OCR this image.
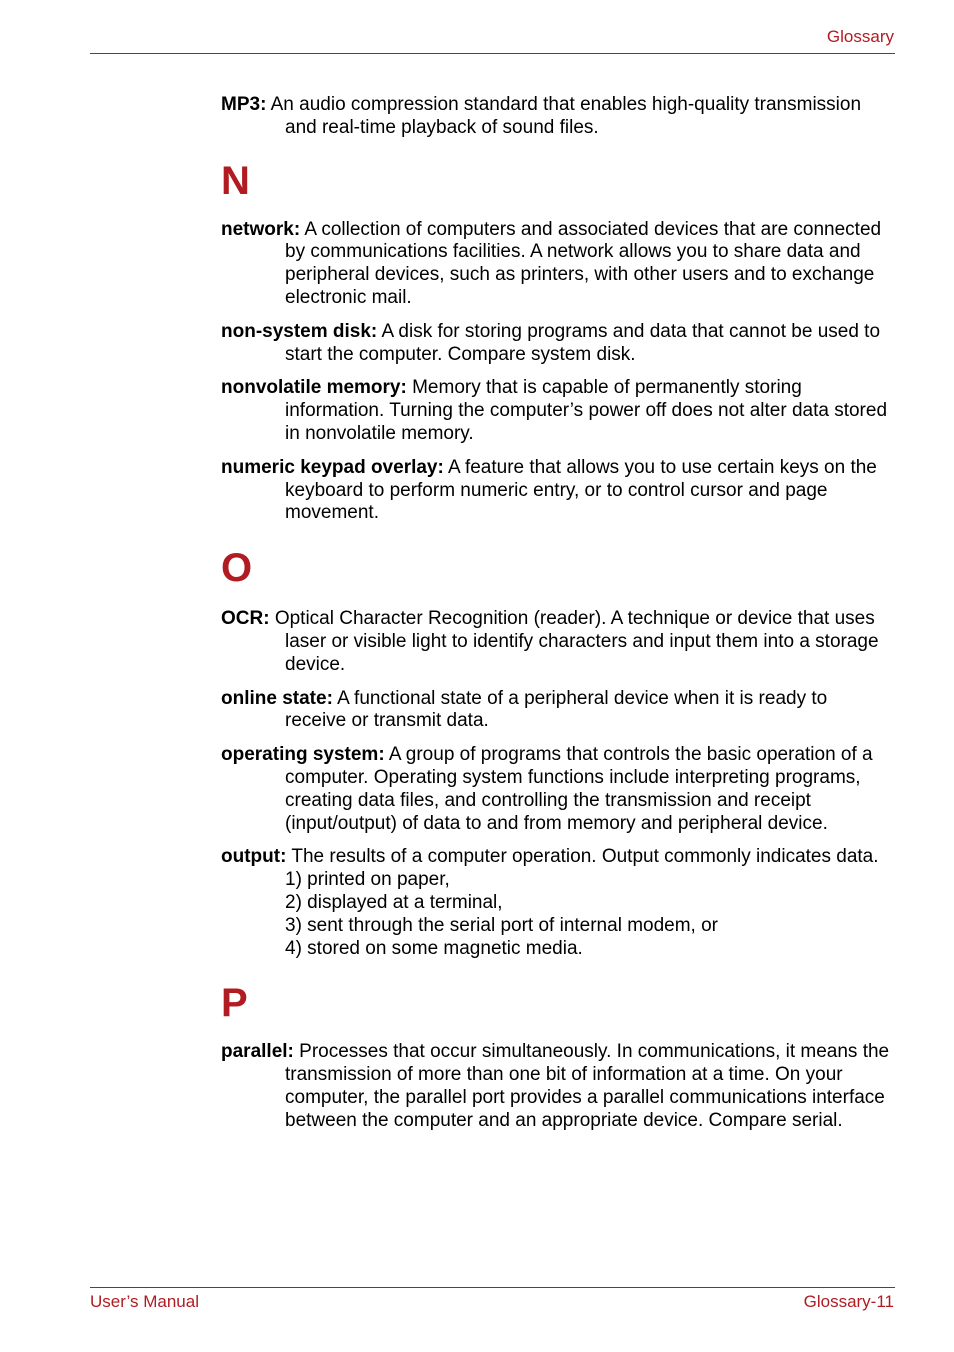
Glossary

MP3: An audio compression standard that enables high-quality transmission and real-time playback of sound files.

N

network: A collection of computers and associated devices that are connected by communications facilities. A network allows you to share data and peripheral devices, such as printers, with other users and to exchange electronic mail.

non-system disk: A disk for storing programs and data that cannot be used to start the computer. Compare system disk.

nonvolatile memory: Memory that is capable of permanently storing information. Turning the computer’s power off does not alter data stored in nonvolatile memory.

numeric keypad overlay: A feature that allows you to use certain keys on the keyboard to perform numeric entry, or to control cursor and page movement.

O

OCR: Optical Character Recognition (reader). A technique or device that uses laser or visible light to identify characters and input them into a storage device.

online state: A functional state of a peripheral device when it is ready to receive or transmit data.

operating system: A group of programs that controls the basic operation of a computer. Operating system functions include interpreting programs, creating data files, and controlling the transmission and receipt (input/output) of data to and from memory and peripheral device.

output: The results of a computer operation. Output commonly indicates data.
1) printed on paper,
2) displayed at a terminal,
3) sent through the serial port of internal modem, or
4) stored on some magnetic media.

P

parallel: Processes that occur simultaneously. In communications, it means the transmission of more than one bit of information at a time. On your computer, the parallel port provides a parallel communications interface between the computer and an appropriate device. Compare serial.

User’s Manual	Glossary-11
